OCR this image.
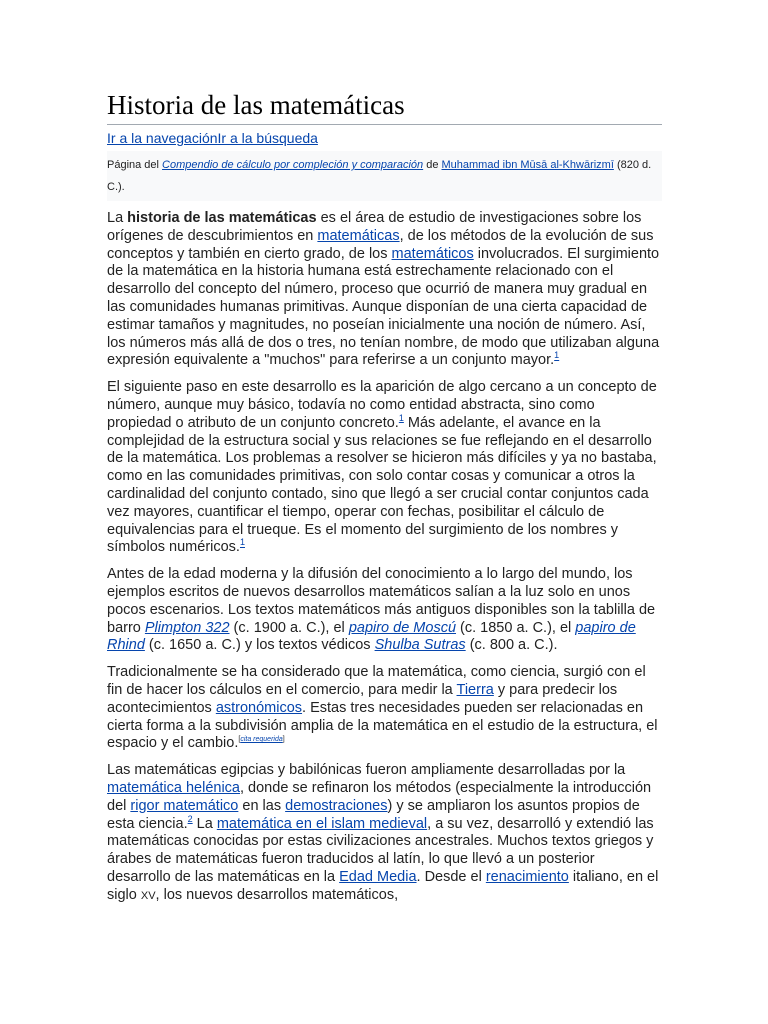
Historia de las matemáticas
Ir a la navegaciónIr a la búsqueda
Página del Compendio de cálculo por compleción y comparación de Muhammad ibn Mūsā al-Khwārizmī (820 d. C.).

La historia de las matemáticas es el área de estudio de investigaciones sobre los orígenes de descubrimientos en matemáticas, de los métodos de la evolución de sus conceptos y también en cierto grado, de los matemáticos involucrados. El surgimiento de la matemática en la historia humana está estrechamente relacionado con el desarrollo del concepto del número, proceso que ocurrió de manera muy gradual en las comunidades humanas primitivas. Aunque disponían de una cierta capacidad de estimar tamaños y magnitudes, no poseían inicialmente una noción de número. Así, los números más allá de dos o tres, no tenían nombre, de modo que utilizaban alguna expresión equivalente a "muchos" para referirse a un conjunto mayor.$^1$

El siguiente paso en este desarrollo es la aparición de algo cercano a un concepto de número, aunque muy básico, todavía no como entidad abstracta, sino como propiedad o atributo de un conjunto concreto.$^1$ Más adelante, el avance en la complejidad de la estructura social y sus relaciones se fue reflejando en el desarrollo de la matemática. Los problemas a resolver se hicieron más difíciles y ya no bastaba, como en las comunidades primitivas, con solo contar cosas y comunicar a otros la cardinalidad del conjunto contado, sino que llegó a ser crucial contar conjuntos cada vez mayores, cuantificar el tiempo, operar con fechas, posibilitar el cálculo de equivalencias para el trueque. Es el momento del surgimiento de los nombres y símbolos numéricos.$^1$

Antes de la edad moderna y la difusión del conocimiento a lo largo del mundo, los ejemplos escritos de nuevos desarrollos matemáticos salían a la luz solo en unos pocos escenarios. Los textos matemáticos más antiguos disponibles son la tablilla de barro Plimpton 322 (c. 1900 a. C.), el papiro de Moscú (c. 1850 a. C.), el papiro de Rhind (c. 1650 a. C.) y los textos védicos Shulba Sutras (c. 800 a. C.).

Tradicionalmente se ha considerado que la matemática, como ciencia, surgió con el fin de hacer los cálculos en el comercio, para medir la Tierra y para predecir los acontecimientos astronómicos. Estas tres necesidades pueden ser relacionadas en cierta forma a la subdivisión amplia de la matemática en el estudio de la estructura, el espacio y el cambio.[cita requerida]

Las matemáticas egipcias y babilónicas fueron ampliamente desarrolladas por la matemática helénica, donde se refinaron los métodos (especialmente la introducción del rigor matemático en las demostraciones) y se ampliaron los asuntos propios de esta ciencia.$^2$ La matemática en el islam medieval, a su vez, desarrolló y extendió las matemáticas conocidas por estas civilizaciones ancestrales. Muchos textos griegos y árabes de matemáticas fueron traducidos al latín, lo que llevó a un posterior desarrollo de las matemáticas en la Edad Media. Desde el renacimiento italiano, en el siglo XV, los nuevos desarrollos matemáticos,
